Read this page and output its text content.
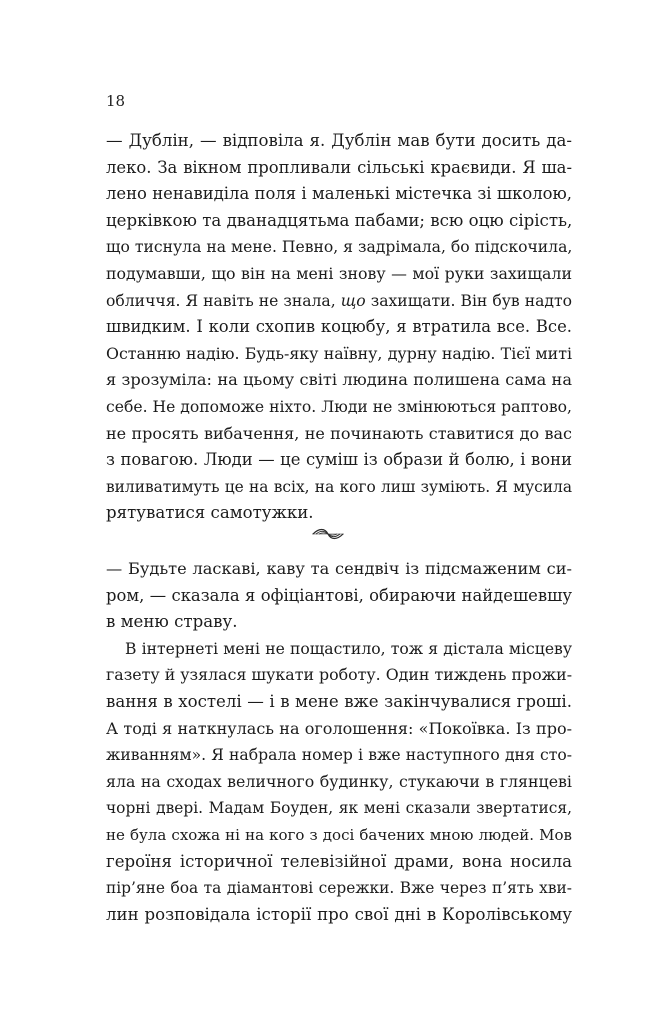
18
— Дублін, — відповіла я. Дублін мав бути досить да-
леко. За вікном пропливали сільські краєвиди. Я ша-
лено ненавиділа поля і маленькі містечка зі школою,
церківкою та дванадцятьма пабами; всю оцю сірість,
що тиснула на мене. Певно, я задрімала, бо підскочила,
подумавши, що він на мені знову — мої руки захищали
обличчя. Я навіть не знала, що захищати. Він був надто
швидким. І коли схопив коцюбу, я втратила все. Все.
Останню надію. Будь-яку наївну, дурну надію. Тієї миті
я зрозуміла: на цьому світі людина полишена сама на
себе. Не допоможе ніхто. Люди не змінюються раптово,
не просять вибачення, не починають ставитися до вас
з повагою. Люди — це суміш із образи й болю, і вони
виливатимуть це на всіх, на кого лиш зуміють. Я мусила
рятуватися самотужки.
— Будьте ласкаві, каву та сендвіч із підсмаженим си-
ром, — сказала я офіціантові, обираючи найдешевшу
в меню страву.
В інтернеті мені не пощастило, тож я дістала місцеву
газету й узялася шукати роботу. Один тиждень прожи-
вання в хостелі — і в мене вже закінчувалися гроші.
А тоді я наткнулась на оголошення: «Покоївка. Із про-
живанням». Я набрала номер і вже наступного дня сто-
яла на сходах величного будинку, стукаючи в глянцеві
чорні двері. Мадам Боуден, як мені сказали звертатися,
не була схожа ні на кого з досі бачених мною людей. Мов
героїня історичної телевізійної драми, вона носила
пір’яне боа та діамантові сережки. Вже через п’ять хви-
лин розповідала історії про свої дні в Королівському
